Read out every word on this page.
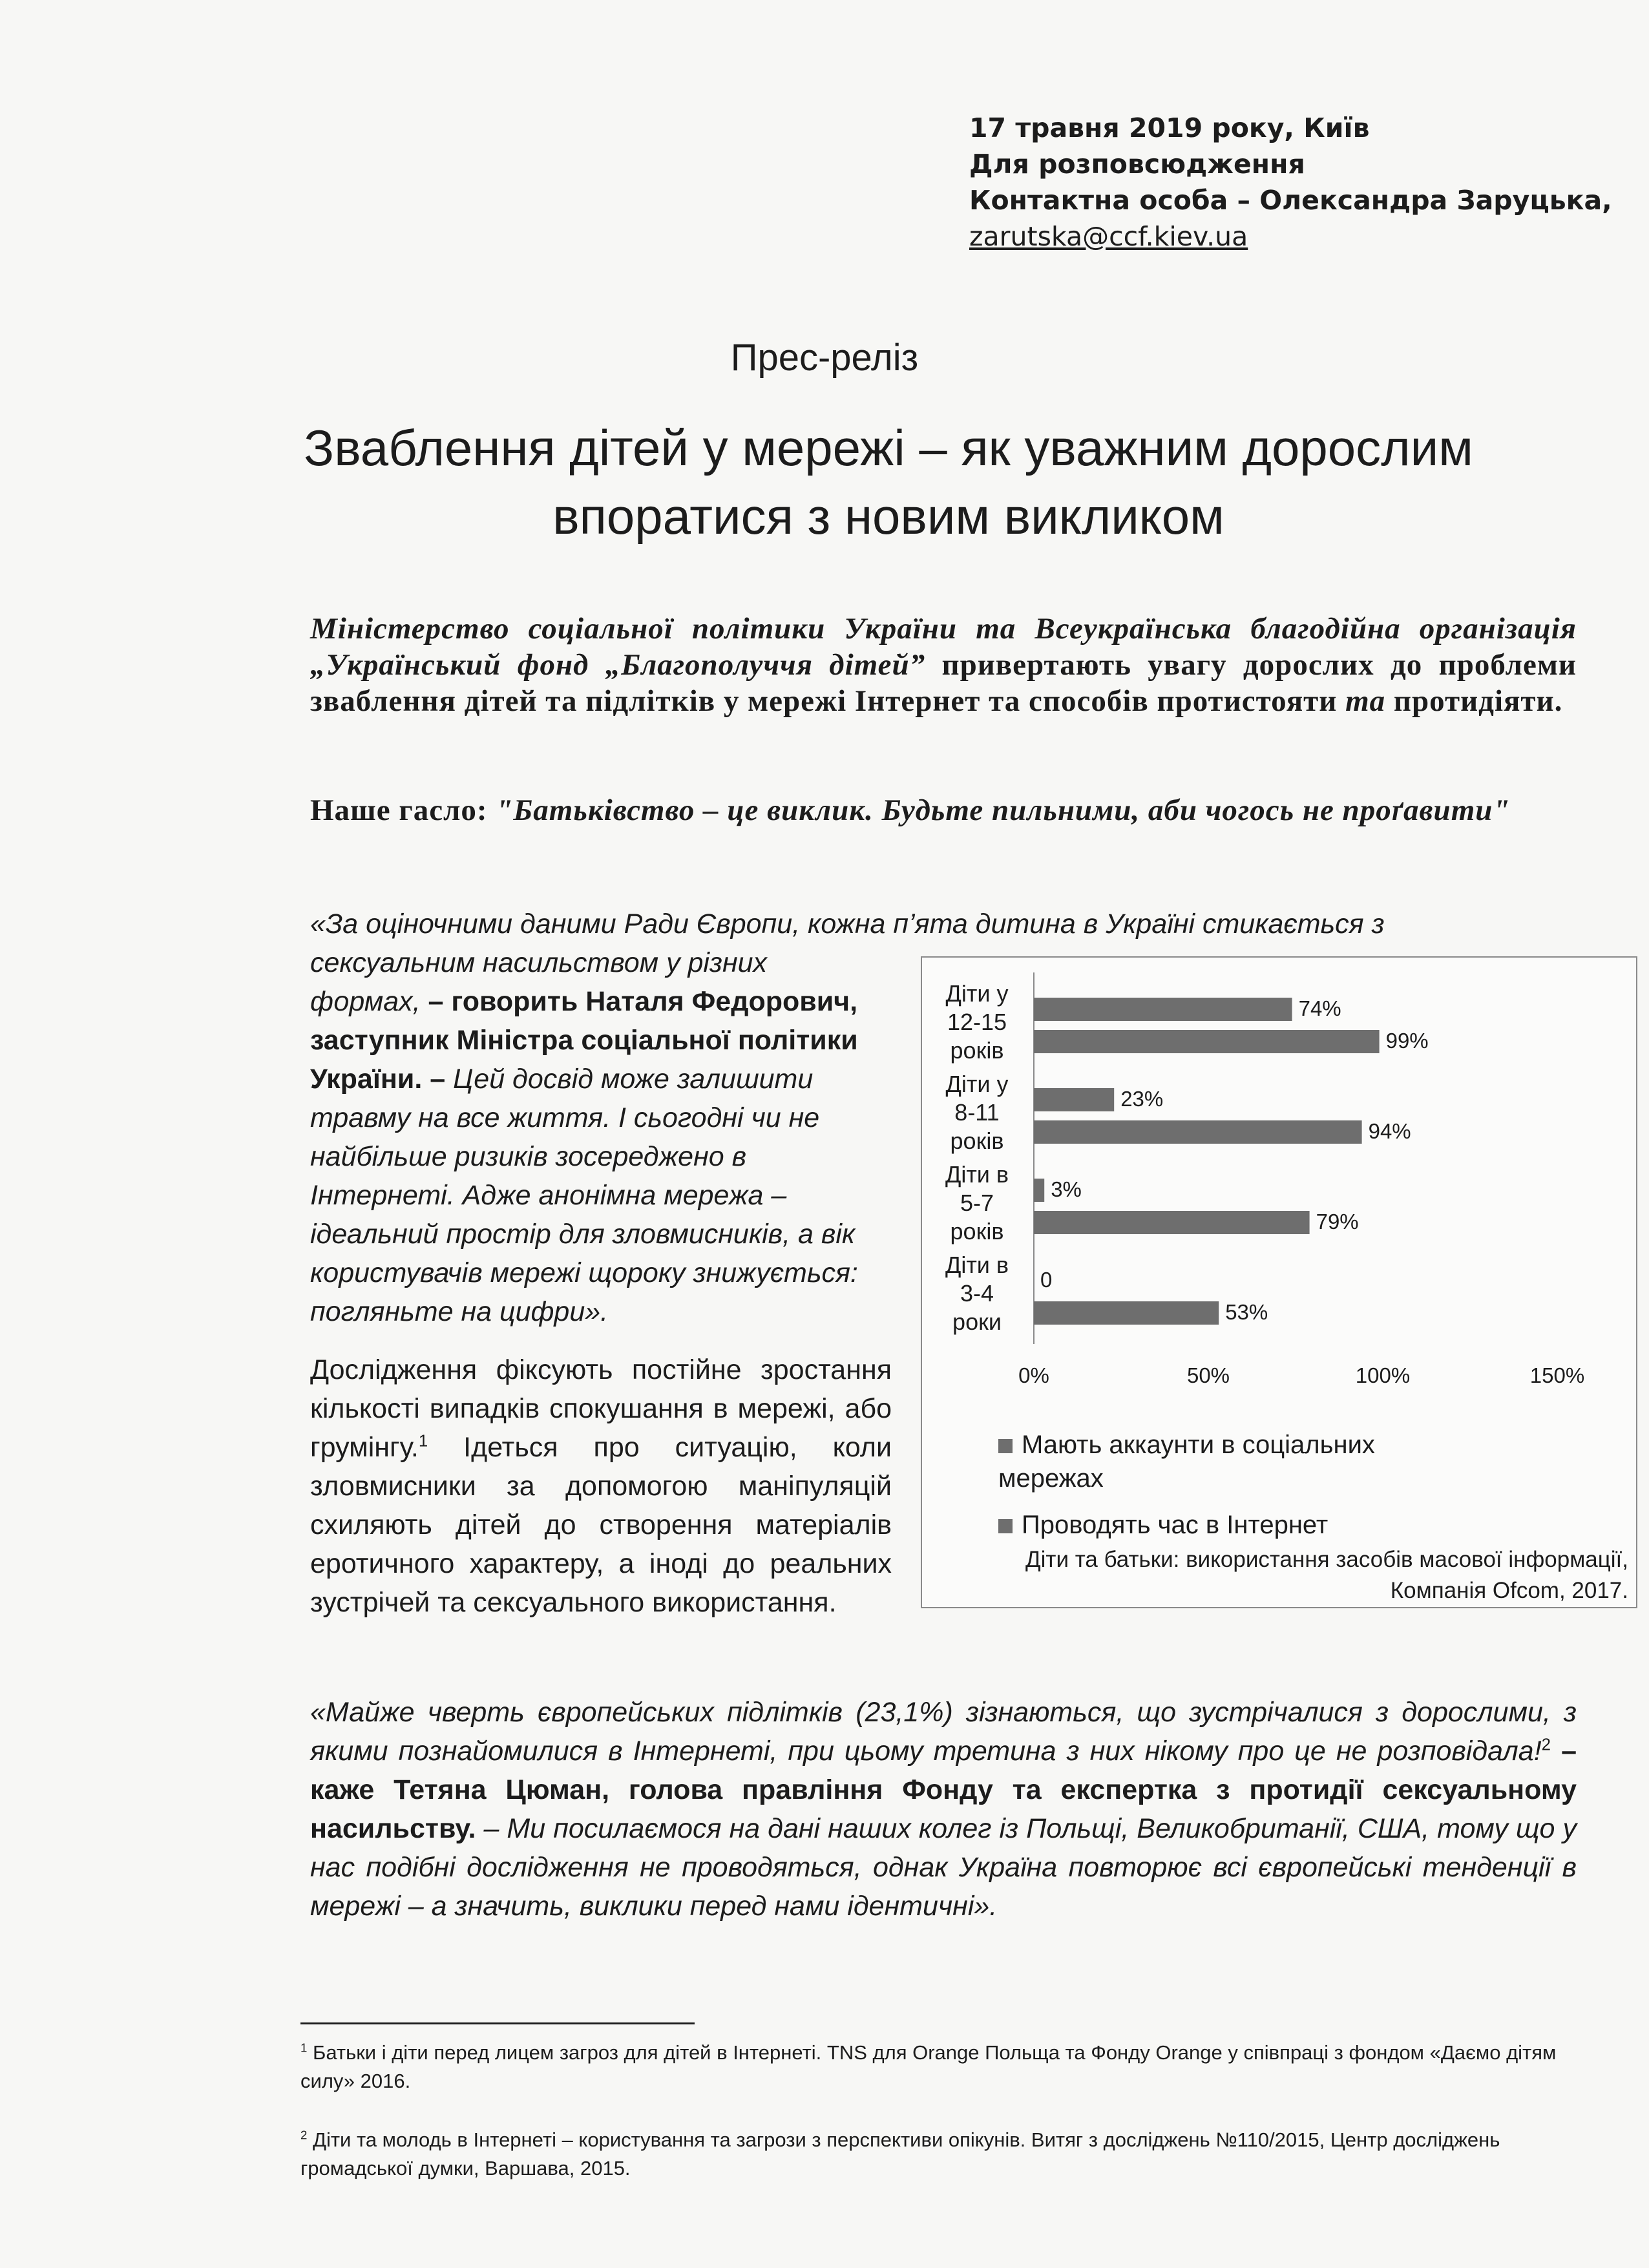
17 травня 2019 року, Київ
Для розповсюдження
Контактна особа – Олександра Заруцька,
zarutska@ccf.kiev.ua
Прес-реліз
Зваблення дітей у мережі – як уважним дорослим
впоратися з новим викликом
Міністерство соціальної політики України та Всеукраїнська благодійна організація „Український фонд „Благополуччя дітей” привертають увагу дорослих до проблеми зваблення дітей та підлітків у мережі Інтернет та способів протистояти та протидіяти.
Наше гасло: "Батьківство – це виклик. Будьте пильними, аби чогось не проґавити"
«За оціночними даними Ради Європи, кожна п’ята дитина в Україні стикається з
сексуальним насильством у різних формах, – говорить Наталя Федорович, заступник Міністра соціальної політики України. – Цей досвід може залишити травму на все життя. І сьогодні чи не найбільше ризиків зосереджено в Інтернеті. Адже анонімна мережа – ідеальний простір для зловмисників, а вік користувачів мережі щороку знижується: погляньте на цифри».
Дослідження фіксують постійне зростання кількості випадків спокушання в мережі, або грумінгу.$^1$ Ідеться про ситуацію, коли зловмисники за допомогою маніпуляцій схиляють дітей до створення матеріалів еротичного характеру, а іноді до реальних зустрічей та сексуального використання.
Діти у
12-15
років
74%
99%
Діти у
8-11
років
23%
94%
Діти в
5-7
років
3%
79%
Діти в
3-4
роки
0
53%
0%	50%	100%	150%
Мають аккаунти в соціальних мережах
Проводять час в Інтернет
Діти та батьки: використання засобів масової інформації, Компанія Ofcom, 2017.
«Майже чверть європейських підлітків (23,1%) зізнаються, що зустрічалися з дорослими, з якими познайомилися в Інтернеті, при цьому третина з них нікому про це не розповідала!$^2$ – каже Тетяна Цюман, голова правління Фонду та експертка з протидії сексуальному насильству. – Ми посилаємося на дані наших колег із Польщі, Великобританії, США, тому що у нас подібні дослідження не проводяться, однак Україна повторює всі європейські тенденції в мережі – а значить, виклики перед нами ідентичні».
$^1$ Батьки і діти перед лицем загроз для дітей в Інтернеті. TNS для Orange Польща та Фонду Orange у співпраці з фондом «Даємо дітям силу» 2016.
$^2$ Діти та молодь в Інтернеті – користування та загрози з перспективи опікунів. Витяг з досліджень №110/2015, Центр досліджень громадської думки, Варшава, 2015.
